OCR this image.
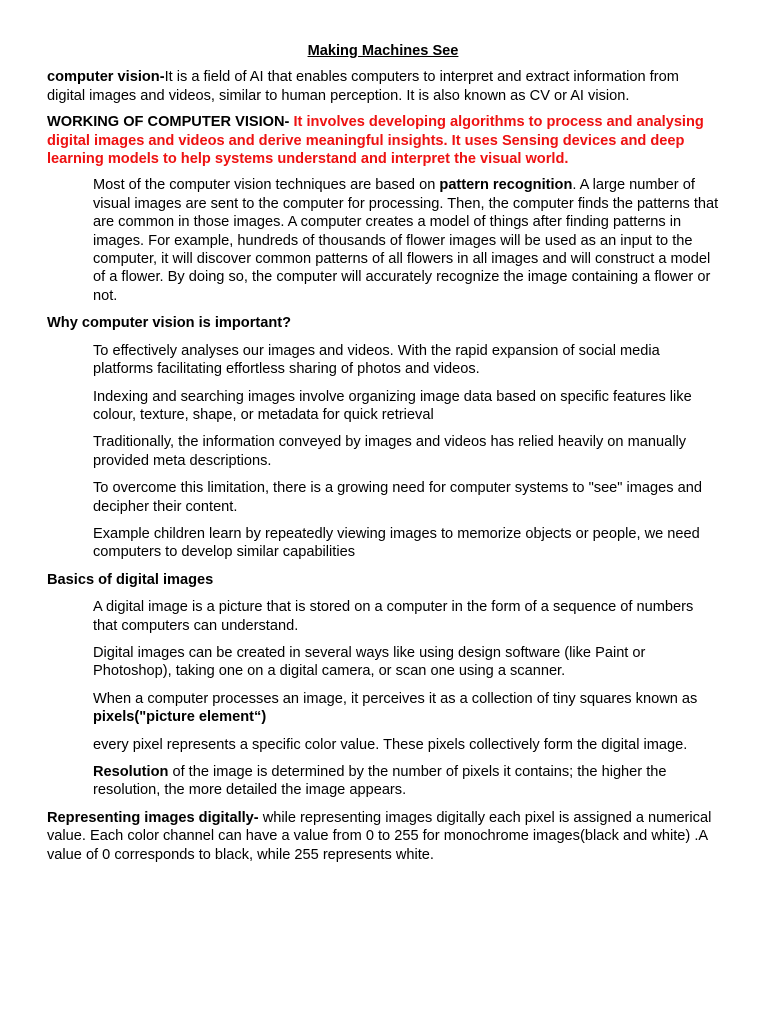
Making Machines See

computer vision-It is a field of AI that enables computers to interpret and extract information from digital images and videos, similar to human perception. It is also known as CV or AI vision.

WORKING OF COMPUTER VISION- It involves developing algorithms to process and analysing digital images and videos and derive meaningful insights. It uses Sensing devices and deep learning models to help systems understand and interpret the visual world.

Most of the computer vision techniques are based on pattern recognition. A large number of visual images are sent to the computer for processing. Then, the computer finds the patterns that are common in those images. A computer creates a model of things after finding patterns in images. For example, hundreds of thousands of flower images will be used as an input to the computer, it will discover common patterns of all flowers in all images and will construct a model of a flower. By doing so, the computer will accurately recognize the image containing a flower or not.
Why computer vision is important?
To effectively analyses our images and videos. With the rapid expansion of social media platforms facilitating effortless sharing of photos and videos.
Indexing and searching images involve organizing image data based on specific features like colour, texture, shape, or metadata for quick retrieval
Traditionally, the information conveyed by images and videos has relied heavily on manually provided meta descriptions.
To overcome this limitation, there is a growing need for computer systems to "see" images and decipher their content.
Example children learn by repeatedly viewing images to memorize objects or people, we need computers to develop similar capabilities
Basics of digital images
A digital image is a picture that is stored on a computer in the form of a sequence of numbers that computers can understand.
Digital images can be created in several ways like using design software (like Paint or Photoshop), taking one on a digital camera, or scan one using a scanner.
When a computer processes an image, it perceives it as a collection of tiny squares known as pixels("picture element“)
every pixel represents a specific color value. These pixels collectively form the digital image.
Resolution of the image is determined by the number of pixels it contains; the higher the resolution, the more detailed the image appears.

Representing images digitally- while representing images digitally each pixel is assigned a numerical value. Each color channel can have a value from 0 to 255 for monochrome images(black and white) .A value of 0 corresponds to black, while 255 represents white.
